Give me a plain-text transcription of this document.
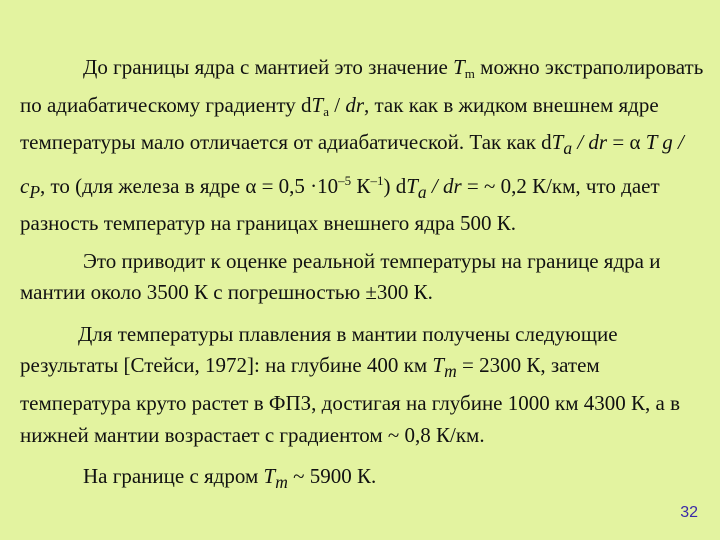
До границы ядра с мантией это значение Tm можно экстраполировать по адиабатическому градиенту dTa / dr, так как в жидком внешнем ядре температуры мало отличается от адиабатической. Так как $dT_a$ / dr = α T g / $c_P$, то (для железа в ядре $\alpha = 0,5 \cdot 10^{-5}$ $К^{-1}$) $dT_a$ / dr = ~ 0,2 К/км, что дает разность температур на границах внешнего ядра 500 К.

Это приводит к оценке реальной температуры на границе ядра и мантии около 3500 К с погрешностью ±300 К.

Для температуры плавления в мантии получены следующие результаты [Стейси, 1972]: на глубине 400 км $T_m = 2300$ К, затем температура круто растет в ФПЗ, достигая на глубине 1000 км 4300 К, а в нижней мантии возрастает с градиентом ~ 0,8 К/км.

На границе с ядром $T_m$ ~ 5900 К.

32
